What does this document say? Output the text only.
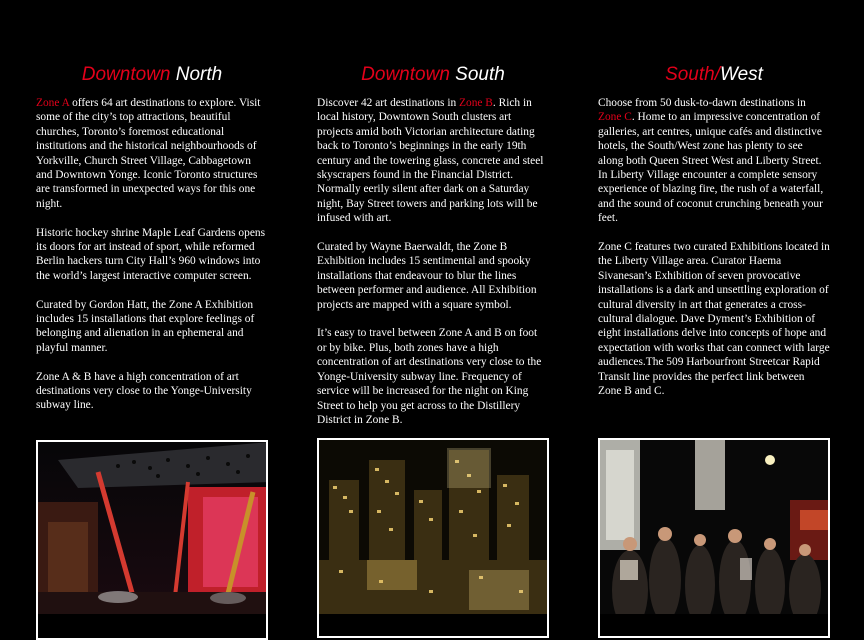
Downtown North

Zone A offers 64 art destinations to explore. Visit some of the city’s top attractions, beautiful churches, Toronto’s foremost educational institutions and the historical neighbourhoods of Yorkville, Church Street Village, Cabbagetown and Downtown Yonge. Iconic Toronto structures are transformed in unexpected ways for this one night.

Historic hockey shrine Maple Leaf Gardens opens its doors for art instead of sport, while reformed Berlin hackers turn City Hall’s 960 windows into the world’s largest interactive computer screen.

Curated by Gordon Hatt, the Zone A Exhibition includes 15 installations that explore feelings of belonging and alienation in an ephemeral and playful manner.

Zone A & B have a high concentration of art destinations very close to the Yonge-University subway line.

Downtown South

Discover 42 art destinations in Zone B. Rich in local history, Downtown South clusters art projects amid both Victorian architecture dating back to Toronto’s beginnings in the early 19th century and the towering glass, concrete and steel skyscrapers found in the Financial District. Normally eerily silent after dark on a Saturday night, Bay Street towers and parking lots will be infused with art.

Curated by Wayne Baerwaldt, the Zone B Exhibition includes 15 sentimental and spooky installations that endeavour to blur the lines between performer and audience. All Exhibition projects are mapped with a square symbol.

It’s easy to travel between Zone A and B on foot or by bike. Plus, both zones have a high concentration of art destinations very close to the Yonge-University subway line. Frequency of service will be increased for the night on King Street to help you get across to the Distillery District in Zone B.

South/West

Choose from 50 dusk-to-dawn destinations in Zone C. Home to an impressive concentration of galleries, art centres, unique cafés and distinctive hotels, the South/West zone has plenty to see along both Queen Street West and Liberty Street. In Liberty Village encounter a complete sensory experience of blazing fire, the rush of a waterfall, and the sound of coconut crunching beneath your feet.

Zone C features two curated Exhibitions located in the Liberty Village area. Curator Haema Sivanesan’s Exhibition of seven provocative installations is a dark and unsettling exploration of cultural diversity in art that generates a cross-cultural dialogue. Dave Dyment’s Exhibition of eight installations delve into concepts of hope and expectation with works that can connect with large audiences.The 509 Harbourfront Streetcar Rapid Transit line provides the perfect link between Zone B and C.
